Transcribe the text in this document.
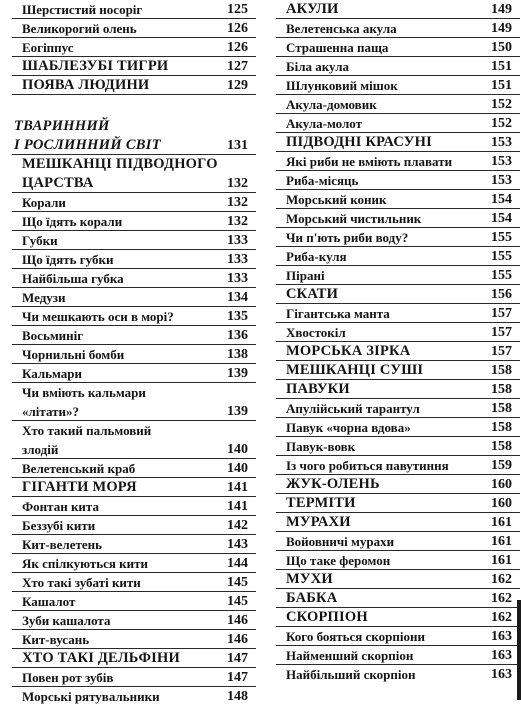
Шерстистий носоріг	125
Великорогий олень	126
Еогіппус	126
ШАБЛЕЗУБІ ТИГРИ	127
ПОЯВА ЛЮДИНИ	129
ТВАРИННИЙ
І РОСЛИННИЙ СВІТ	131
МЕШКАНЦІ ПІДВОДНОГО
ЦАРСТВА	132
Корали	132
Що їдять корали	132
Губки	133
Що їдять губки	133
Найбільша губка	133
Медузи	134
Чи мешкають оси в морі?	135
Восьминіг	136
Чорнильні бомби	138
Кальмари	139
Чи вміють кальмари
«літати»?	139
Хто такий пальмовий
злодій	140
Велетенський краб	140
ГІГАНТИ МОРЯ	141
Фонтан кита	141
Беззубі кити	142
Кит-велетень	143
Як спілкуються кити	144
Хто такі зубаті кити	145
Кашалот	145
Зуби кашалота	146
Кит-вусань	146
ХТО ТАКІ ДЕЛЬФІНИ	147
Повен рот зубів	147
Морські рятувальники	148
АКУЛИ	149
Велетенська акула	149
Страшенна паща	150
Біла акула	151
Шлунковий мішок	151
Акула-домовик	152
Акула-молот	152
ПІДВОДНІ КРАСУНІ	153
Які риби не вміють плавати	153
Риба-місяць	153
Морський коник	154
Морський чистильник	154
Чи п'ють риби воду?	155
Риба-куля	155
Пірані	155
СКАТИ	156
Гігантська манта	157
Хвостокіл	157
МОРСЬКА ЗІРКА	157
МЕШКАНЦІ СУШІ	158
ПАВУКИ	158
Апулійський тарантул	158
Павук «чорна вдова»	158
Павук-вовк	158
Із чого робиться павутиння	159
ЖУК-ОЛЕНЬ	160
ТЕРМІТИ	160
МУРАХИ	161
Войовничі мурахи	161
Що таке феромон	161
МУХИ	162
БАБКА	162
СКОРПІОН	162
Кого бояться скорпіони	163
Найменший скорпіон	163
Найбільший скорпіон	163
